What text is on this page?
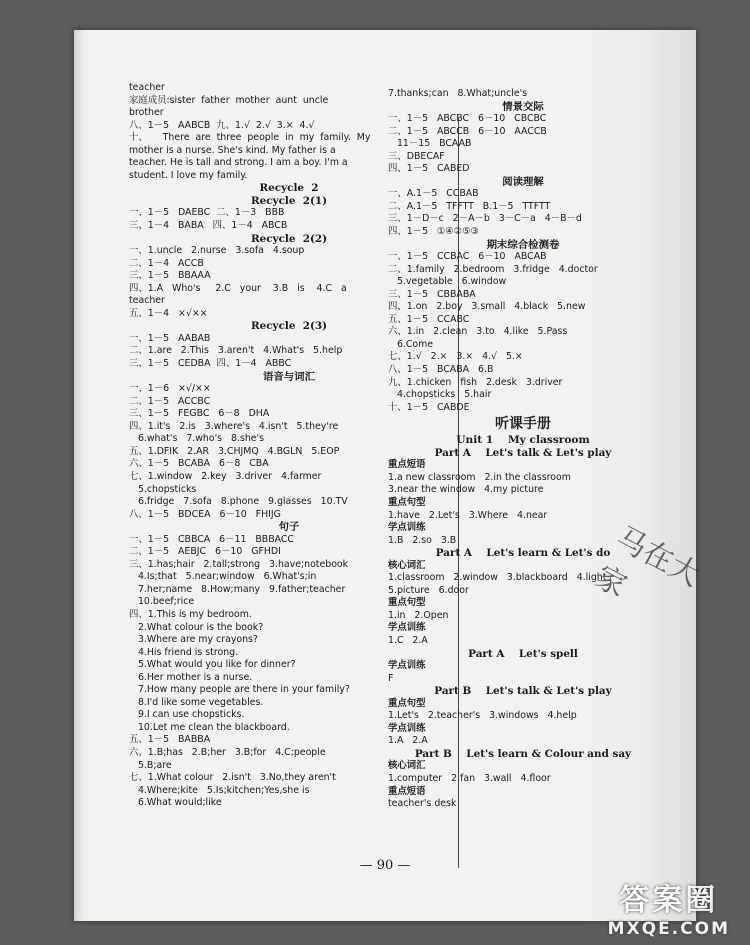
teacher
家庭成员:sister  father  mother  aunt  uncle
brother
八、1－5   AABCB  九、1.√  2.√  3.×  4.√
十、     There  are  three  people  in  my  family.  My
mother is a nurse. She's kind. My father is a
teacher. He is tall and strong. I am a boy. I'm a
student. I love my family.
Recycle  2
Recycle  2(1)
一、1－5   DAEBC  二、1－3   BBB
三、1－4   BABA   四、1－4   ABCB
Recycle  2(2)
一、1.uncle   2.nurse   3.sofa   4.soup
二、1－4   ACCB
三、1－5   BBAAA
四、1.A   Who's     2.C   your    3.B   is    4.C   a
teacher
五、1－4   ×√××
Recycle  2(3)
一、1－5   AABAB
二、1.are   2.This   3.aren't   4.What's   5.help
三、1－5   CEDBA  四、1－4   ABBC
语音与词汇
一、1－6   ×√/××
二、1－5   ACCBC
三、1－5   FEGBC   6－8   DHA
四、1.it's   2.is   3.where's   4.isn't   5.they're
6.what's   7.who's   8.she's
五、1.DFIK   2.AR   3.CHJMQ   4.BGLN   5.EOP
六、1－5   BCABA   6－8   CBA
七、1.window   2.key   3.driver   4.farmer
5.chopsticks
6.fridge   7.sofa   8.phone   9.glasses   10.TV
八、1－5   BDCEA   6－10   FHIJG
句子
一、1－5   CBBCA   6－11   BBBACC
二、1－5   AEBJC   6－10   GFHDI
三、1.has;hair   2.tall;strong   3.have;notebook
4.Is;that   5.near;window   6.What's;in
7.her;name   8.How;many   9.father;teacher
10.beef;rice
四、1.This is my bedroom.
2.What colour is the book?
3.Where are my crayons?
4.His friend is strong.
5.What would you like for dinner?
6.Her mother is a nurse.
7.How many people are there in your family?
8.I'd like some vegetables.
9.I can use chopsticks.
10.Let me clean the blackboard.
五、1－5   BABBA
六、1.B;has   2.B;her   3.B;for   4.C;people
5.B;are
七、1.What colour   2.isn't   3.No,they aren't
4.Where;kite   5.Is;kitchen;Yes,she is
6.What would;like
7.thanks;can   8.What;uncle's
情景交际
一、1－5   ABCBC   6－10   CBCBC
二、1－5   ABCCB   6－10   AACCB
11－15   BCAAB
三、DBECAF
四、1－5   CABED
阅读理解
一、A.1－5   CCBAB
二、A.1－5   TFFTT   B.1－5   TTFTT
三、1－D－c   2－A－b   3－C－a   4－B－d
四、1－5   ①④②⑤③
期末综合检测卷
一、1－5   CCBAC   6－10   ABCAB
二、1.family   2.bedroom   3.fridge   4.doctor
5.vegetable   6.window
三、1－5   CBBABA
四、1.on   2.boy   3.small   4.black   5.new
五、1－5   CCABC
六、1.in   2.clean   3.to   4.like   5.Pass
6.Come
七、1.√   2.×   3.×   4.√   5.×
八、1－5   BCABA   6.B
九、1.chicken   fish   2.desk   3.driver
4.chopsticks   5.hair
十、1－5   CABDE
听课手册
Unit 1    My classroom
Part A    Let's talk & Let's play
重点短语
1.a new classroom   2.in the classroom
3.near the window   4.my picture
重点句型
1.have   2.Let's   3.Where   4.near
学点训练
1.B   2.so   3.B
Part A    Let's learn & Let's do
核心词汇
1.classroom   2.window   3.blackboard   4.light
5.picture   6.door
重点句型
1.in   2.Open
学点训练
1.C   2.A
Part A    Let's spell
学点训练
F
Part B    Let's talk & Let's play
重点句型
1.Let's   2.teacher's   3.windows   4.help
学点训练
1.A   2.A
Part B    Let's learn & Colour and say
核心词汇
1.computer   2.fan   3.wall   4.floor
重点短语
teacher's desk
— 90 —
马在大家
答案圈
MXQE.COM
